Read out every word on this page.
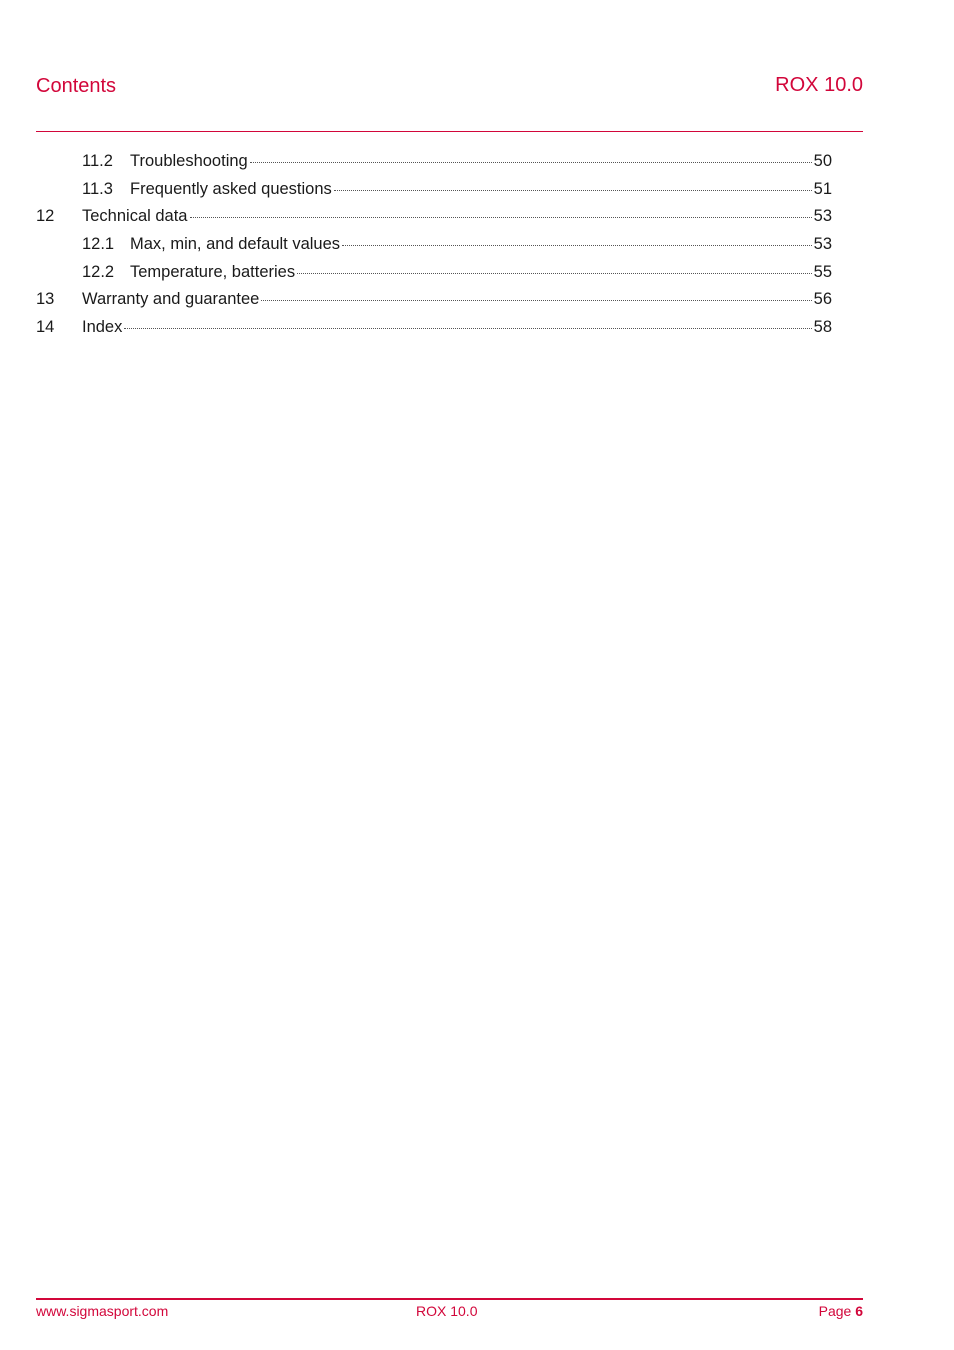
Contents	ROX 10.0
11.2 Troubleshooting	50
11.3 Frequently asked questions	51
12 Technical data	53
12.1 Max, min, and default values	53
12.2 Temperature, batteries	55
13 Warranty and guarantee	56
14 Index	58
www.sigmasport.com	ROX 10.0	Page 6
